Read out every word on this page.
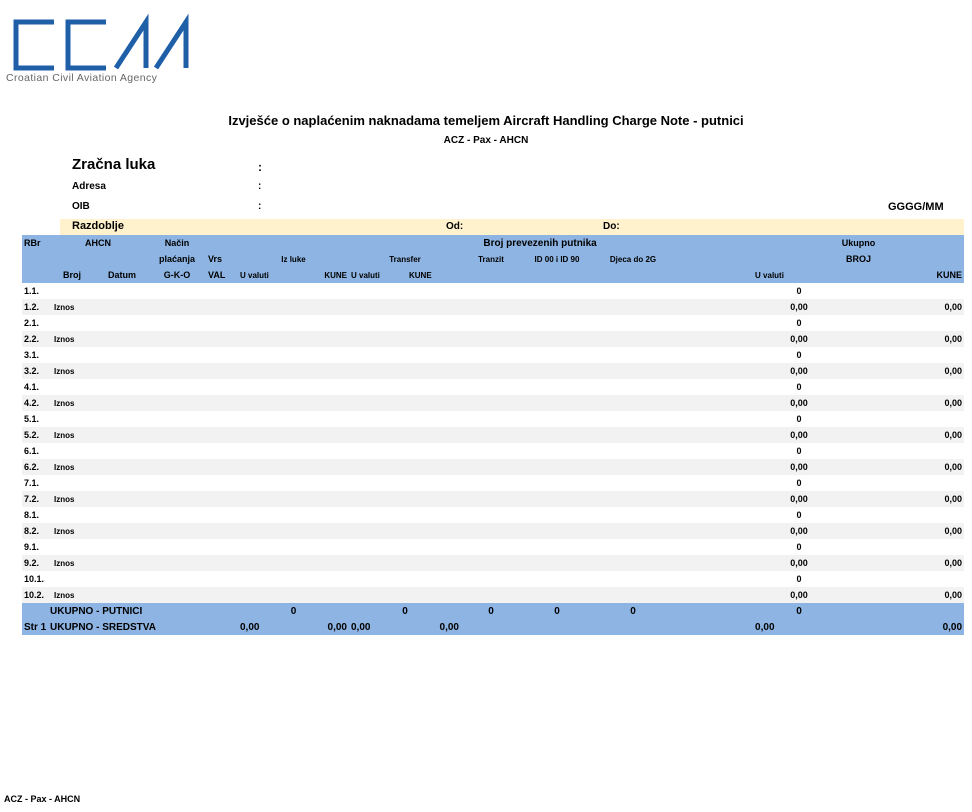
Croatian Civil Aviation Agency
Izvješće o naplaćenim naknadama temeljem Aircraft Handling Charge Note - putnici
ACZ - Pax - AHCN
Zračna luka	:
Adresa	:
OIB	:	GGGG/MM
Razdoblje	Od:	Do:
RBr	AHCN		Način					Broj prevezenih putnika					Ukupno	
			plaćanja	Vrs	Iz luke		Transfer		Tranzit	ID 00 i ID 90	Djeca do 2G		BROJ	
	Broj	Datum	G-K-O	VAL	U valuti	KUNE	U valuti	KUNE					U valuti	KUNE
1.1.													0	
1.2.	Iznos												0,00	0,00
2.1.													0	
2.2.	Iznos												0,00	0,00
3.1.													0	
3.2.	Iznos												0,00	0,00
4.1.													0	
4.2.	Iznos												0,00	0,00
5.1.													0	
5.2.	Iznos												0,00	0,00
6.1.													0	
6.2.	Iznos												0,00	0,00
7.1.													0	
7.2.	Iznos												0,00	0,00
8.1.													0	
8.2.	Iznos												0,00	0,00
9.1.													0	
9.2.	Iznos												0,00	0,00
10.1.													0	
10.2.	Iznos												0,00	0,00
	UKUPNO - PUTNICI				0		0		0	0	0		0	
Str 1	UKUPNO - SREDSTVA				0,00	0,00	0,00	0,00					0,00	0,00
ACZ - Pax - AHCN
